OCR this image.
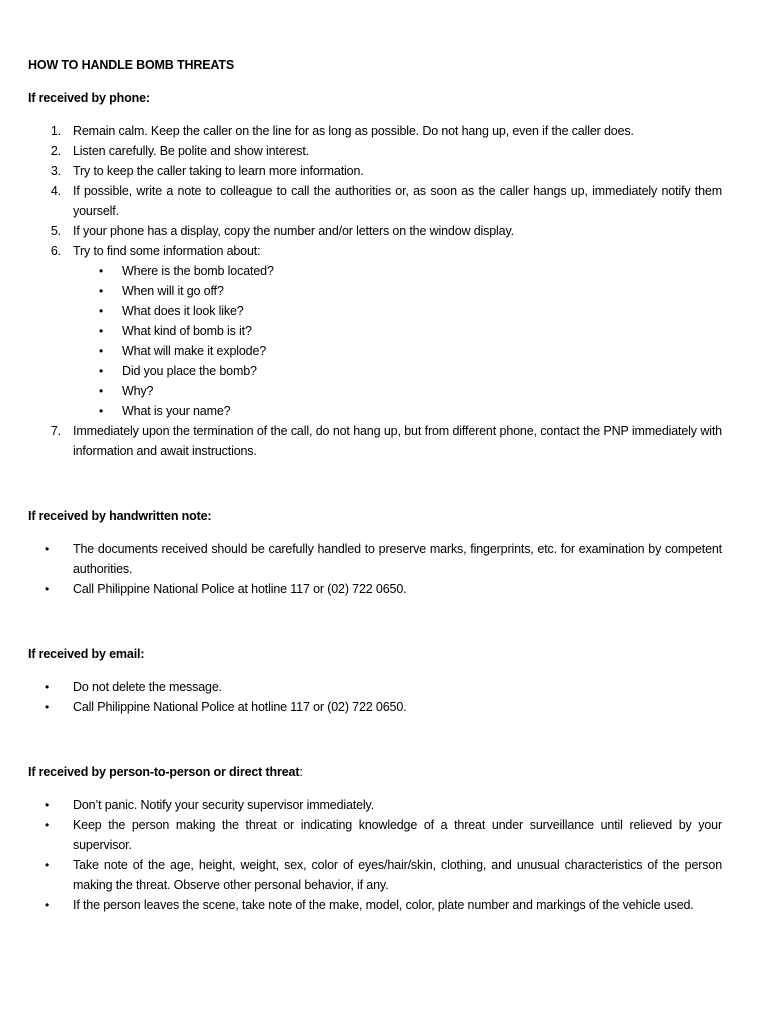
HOW TO HANDLE BOMB THREATS
If received by phone:
1. Remain calm. Keep the caller on the line for as long as possible. Do not hang up, even if the caller does.
2. Listen carefully. Be polite and show interest.
3. Try to keep the caller taking to learn more information.
4. If possible, write a note to colleague to call the authorities or, as soon as the caller hangs up, immediately notify them yourself.
5. If your phone has a display, copy the number and/or letters on the window display.
6. Try to find some information about:
• Where is the bomb located?
• When will it go off?
• What does it look like?
• What kind of bomb is it?
• What will make it explode?
• Did you place the bomb?
• Why?
• What is your name?
7. Immediately upon the termination of the call, do not hang up, but from different phone, contact the PNP immediately with information and await instructions.
If received by handwritten note:
• The documents received should be carefully handled to preserve marks, fingerprints, etc. for examination by competent authorities.
• Call Philippine National Police at hotline 117 or (02) 722 0650.
If received by email:
• Do not delete the message.
• Call Philippine National Police at hotline 117 or (02) 722 0650.
If received by person-to-person or direct threat:
• Don’t panic. Notify your security supervisor immediately.
• Keep the person making the threat or indicating knowledge of a threat under surveillance until relieved by your supervisor.
• Take note of the age, height, weight, sex, color of eyes/hair/skin, clothing, and unusual characteristics of the person making the threat. Observe other personal behavior, if any.
• If the person leaves the scene, take note of the make, model, color, plate number and markings of the vehicle used.
